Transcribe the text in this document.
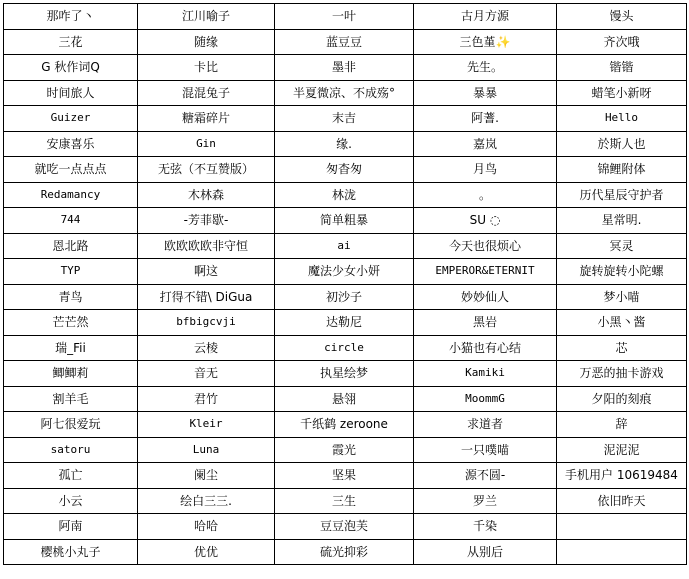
那咋了丶	江川喻子	一叶	古月方源	馒头
三花	随缘	蓝豆豆	三色堇✨	齐次哦
G 秋作词Q	卡比	墨非	先生。	锴锴
时间旅人	混混兔子	半夏微凉、不成殇°	暴暴	蜡笔小新呀
Guizer	糖霜碎片	末吉	阿蓍.	Hello
安康喜乐	Gin	缘.	嘉岚	於斯人也
就吃一点点点	无弦（不互赞版）	匆杳匆	月鸟	锦鲤附体
Redamancy	木林森	林泷	。	历代星辰守护者
744	-芳菲歇-	简单粗暴	SU ◌	星常明.
恩北路	欧欧欧欧非守恒	ai	今天也很烦心	冥灵
TYP	啊这	魔法少女小妍	EMPEROR&ETERNIT	旋转旋转小陀螺
青鸟	打得不错\ DiGua	初沙子	妙妙仙人	梦小喵
芒芒然	bfbigcvji	达勒尼	黑岩	小黑丶酱
瑞_Fii	云棱	circle	小猫也有心结	芯
鲫鲫莉	音无	执星绘梦	Kamiki	万恶的抽卡游戏
割羊毛	君竹	悬翎	MoommG	夕阳的刻痕
阿七很爱玩	Kleir	千纸鹤 zeroone	求道者	辞
satoru	Luna	霞光	一只噗喵	泥泥泥
孤亡	阑尘	坚果	源不圆-	手机用户 10619484
小云	绘白三三.	三生	罗兰	依旧昨天
阿南	哈哈	豆豆泡芙	千染	
樱桃小丸子	优优	硫光抑彩	从别后	
